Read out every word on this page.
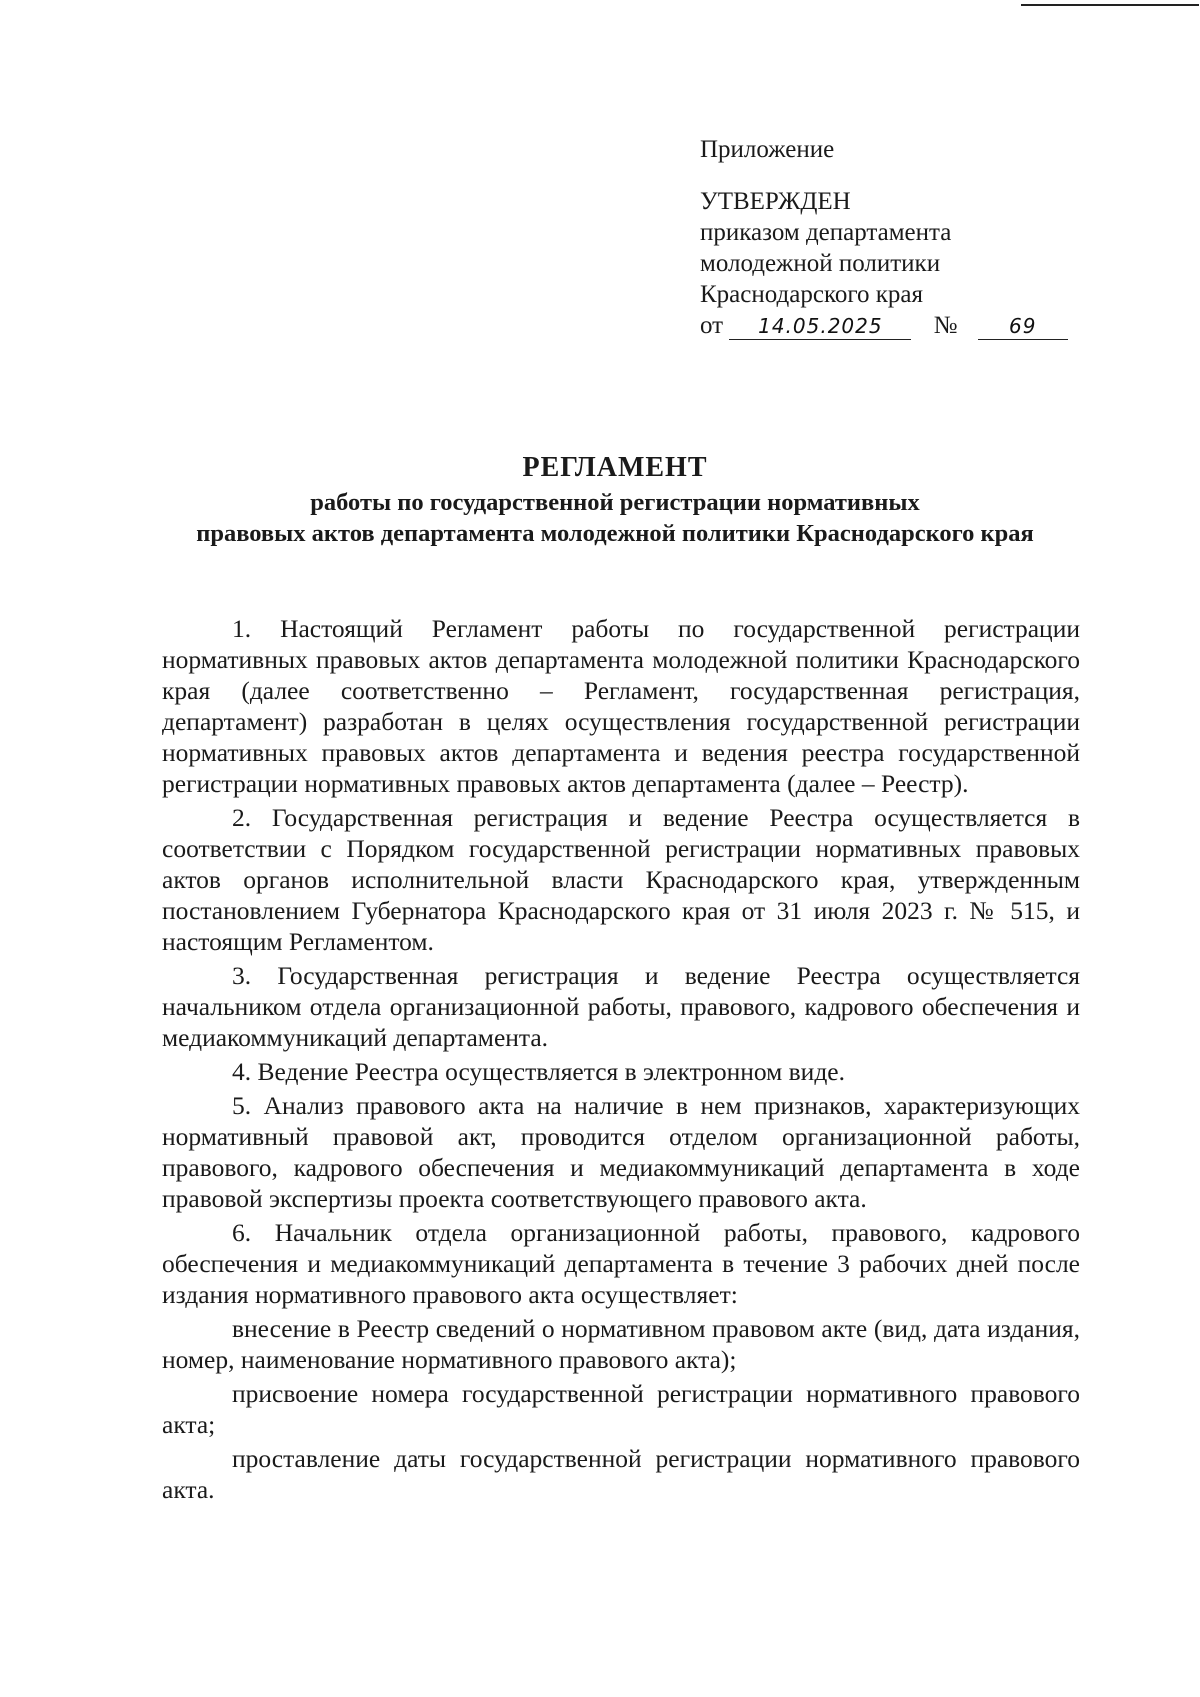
Приложение
УТВЕРЖДЕН
приказом департамента
молодежной политики
Краснодарского края
от 14.05.2025 №	69
РЕГЛАМЕНТ
работы по государственной регистрации нормативных
правовых актов департамента молодежной политики Краснодарского края

1. Настоящий Регламент работы по государственной регистрации нормативных правовых актов департамента молодежной политики Краснодарского края (далее соответственно – Регламент, государственная регистрация, департамент) разработан в целях осуществления государственной регистрации нормативных правовых актов департамента и ведения реестра государственной регистрации нормативных правовых актов департамента (далее – Реестр).

2. Государственная регистрация и ведение Реестра осуществляется в соответствии с Порядком государственной регистрации нормативных правовых актов органов исполнительной власти Краснодарского края, утвержденным постановлением Губернатора Краснодарского края от 31 июля 2023 г. № 515, и настоящим Регламентом.

3. Государственная регистрация и ведение Реестра осуществляется начальником отдела организационной работы, правового, кадрового обеспечения и медиакоммуникаций департамента.

4. Ведение Реестра осуществляется в электронном виде.

5. Анализ правового акта на наличие в нем признаков, характеризующих нормативный правовой акт, проводится отделом организационной работы, правового, кадрового обеспечения и медиакоммуникаций департамента в ходе правовой экспертизы проекта соответствующего правового акта.

6. Начальник отдела организационной работы, правового, кадрового обеспечения и медиакоммуникаций департамента в течение 3 рабочих дней после издания нормативного правового акта осуществляет:

внесение в Реестр сведений о нормативном правовом акте (вид, дата издания, номер, наименование нормативного правового акта);

присвоение номера государственной регистрации нормативного правового акта;

проставление даты государственной регистрации нормативного правового акта.
